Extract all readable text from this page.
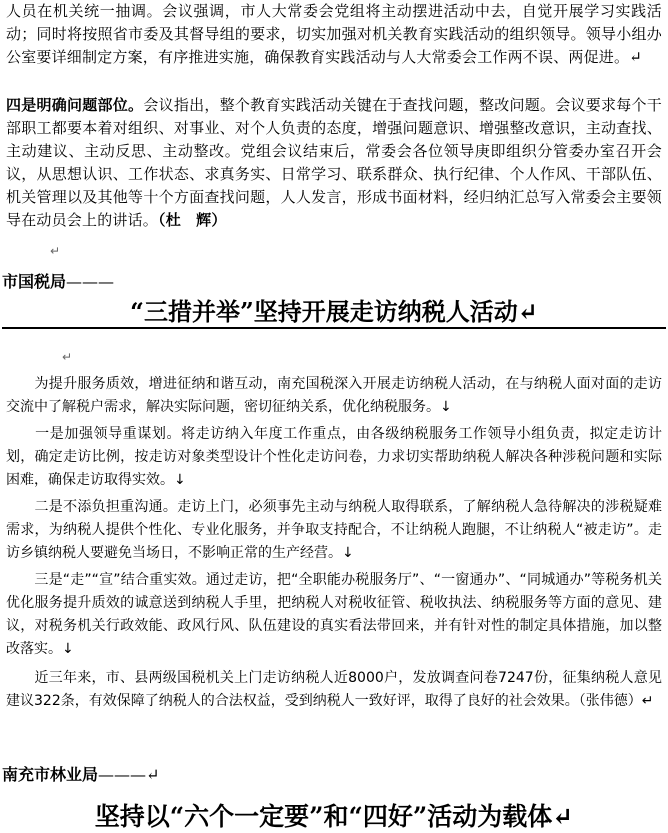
人员在机关统一抽调。会议强调，市人大常委会党组将主动摆进活动中去，自觉开展学习实践活动；同时将按照省市委及其督导组的要求，切实加强对机关教育实践活动的组织领导。领导小组办公室要详细制定方案，有序推进实施，确保教育实践活动与人大常委会工作两不误、两促进。↵

四是明确问题部位。会议指出，整个教育实践活动关键在于查找问题，整改问题。会议要求每个干部职工都要本着对组织、对事业、对个人负责的态度，增强问题意识、增强整改意识，主动查找、主动建议、主动反思、主动整改。党组会议结束后，常委会各位领导庚即组织分管委办室召开会议，从思想认识、工作状态、求真务实、日常学习、联系群众、执行纪律、个人作风、干部队伍、机关管理以及其他等十个方面查找问题，人人发言，形成书面材料，经归纳汇总写入常委会主要领导在动员会上的讲话。（杜　辉）

↵
市国税局———
“三措并举”坚持开展走访纳税人活动↵
↵

　　为提升服务质效，增进征纳和谐互动，南充国税深入开展走访纳税人活动，在与纳税人面对面的走访交流中了解税户需求，解决实际问题，密切征纳关系，优化纳税服务。↓

　　一是加强领导重谋划。将走访纳入年度工作重点，由各级纳税服务工作领导小组负责，拟定走访计划，确定走访比例，按走访对象类型设计个性化走访问卷，力求切实帮助纳税人解决各种涉税问题和实际困难，确保走访取得实效。↓

　　二是不添负担重沟通。走访上门，必须事先主动与纳税人取得联系，了解纳税人急待解决的涉税疑难需求，为纳税人提供个性化、专业化服务，并争取支持配合，不让纳税人跑腿，不让纳税人“被走访”。走访乡镇纳税人要避免当场日，不影响正常的生产经营。↓

　　三是“走”“宣”结合重实效。通过走访，把“全职能办税服务厅”、“一窗通办”、“同城通办”等税务机关优化服务提升质效的诚意送到纳税人手里，把纳税人对税收征管、税收执法、纳税服务等方面的意见、建议，对税务机关行政效能、政风行风、队伍建设的真实看法带回来，并有针对性的制定具体措施，加以整改落实。↓

　　近三年来，市、县两级国税机关上门走访纳税人近8000户，发放调查问卷7247份，征集纳税人意见建议322条，有效保障了纳税人的合法权益，受到纳税人一致好评，取得了良好的社会效果。（张伟德）↵

南充市林业局———↵
坚持以“六个一定要”和“四好”活动为载体↵
